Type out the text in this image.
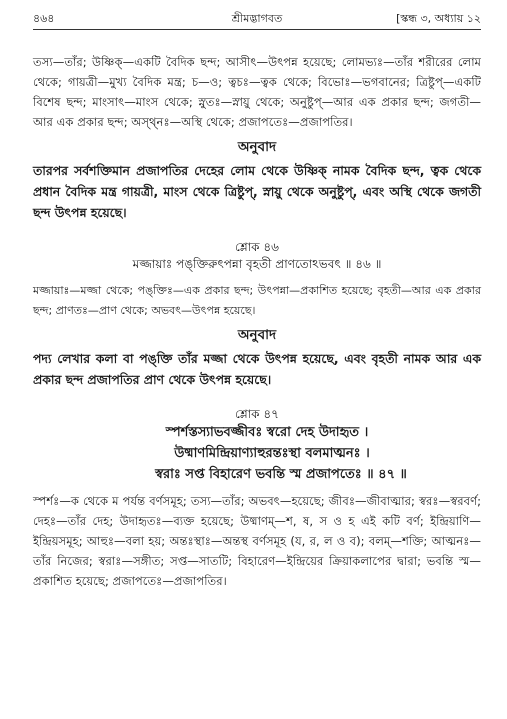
৪৬৪	শ্রীমদ্ভাগবত	[স্কন্ধ ৩, অধ্যায় ১২

তস্য—তাঁর; উষ্ণিক্‌—একটি বৈদিক ছন্দ; আসীৎ—উৎপন্ন হয়েছে; লোমভ্যঃ—তাঁর শরীরের লোম থেকে; গায়ত্রী—মুখ্য বৈদিক মন্ত্র; চ—ও; ত্বচঃ—ত্বক থেকে; বিভোঃ—ভগবানের; ত্রিষ্টুপ্‌—একটি বিশেষ ছন্দ; মাংসাৎ—মাংস থেকে; স্নুতঃ—স্নায়ু থেকে; অনুষ্টুপ্‌—আর এক প্রকার ছন্দ; জগতী—আর এক প্রকার ছন্দ; অস্থ্নঃ—অস্থি থেকে; প্রজাপতেঃ—প্রজাপতির।

অনুবাদ

তারপর সর্বশক্তিমান প্রজাপতির দেহের লোম থেকে উষ্ণিক্‌ নামক বৈদিক ছন্দ, ত্বক থেকে প্রধান বৈদিক মন্ত্র গায়ত্রী, মাংস থেকে ত্রিষ্টুপ্‌, স্নায়ু থেকে অনুষ্টুপ্‌, এবং অস্থি থেকে জগতী ছন্দ উৎপন্ন হয়েছে।

শ্লোক ৪৬
মজ্জায়াঃ পঙ্‌ক্তিরুৎপন্না বৃহতী প্রাণতোঽভবৎ ॥ ৪৬ ॥

মজ্জায়াঃ—মজ্জা থেকে; পঙ্‌ক্তিঃ—এক প্রকার ছন্দ; উৎপন্না—প্রকাশিত হয়েছে; বৃহতী—আর এক প্রকার ছন্দ; প্রাণতঃ—প্রাণ থেকে; অভবৎ—উৎপন্ন হয়েছে।

অনুবাদ

পদ্য লেখার কলা বা পঙ্‌ক্তি তাঁর মজ্জা থেকে উৎপন্ন হয়েছে, এবং বৃহতী নামক আর এক প্রকার ছন্দ প্রজাপতির প্রাণ থেকে উৎপন্ন হয়েছে।

শ্লোক ৪৭
স্পর্শস্তস্যাভবজ্জীবঃ স্বরো দেহ উদাহৃত ।
উষ্মাণমিন্দ্রিয়াণ্যাহুরন্তঃস্থা বলমাত্মনঃ ।
স্বরাঃ সপ্ত বিহারেণ ভবন্তি স্ম প্রজাপতেঃ ॥ ৪৭ ॥

স্পর্শঃ—ক থেকে ম পর্যন্ত বর্ণসমূহ; তস্য—তাঁর; অভবৎ—হয়েছে; জীবঃ—জীবাত্মার; স্বরঃ—স্বরবর্ণ; দেহঃ—তাঁর দেহ; উদাহৃতঃ—ব্যক্ত হয়েছে; উষ্মাণম্‌—শ, ষ, স ও হ এই কটি বর্ণ; ইন্দ্রিয়াণি—ইন্দ্রিয়সমূহ; আহুঃ—বলা হয়; অন্তঃস্থাঃ—অন্তস্থ বর্ণসমূহ (য, র, ল ও ব); বলম্‌—শক্তি; আত্মনঃ—তাঁর নিজের; স্বরাঃ—সঙ্গীত; সপ্ত—সাতটি; বিহারেণ—ইন্দ্রিয়ের ক্রিয়াকলাপের দ্বারা; ভবন্তি স্ম—প্রকাশিত হয়েছে; প্রজাপতেঃ—প্রজাপতির।
